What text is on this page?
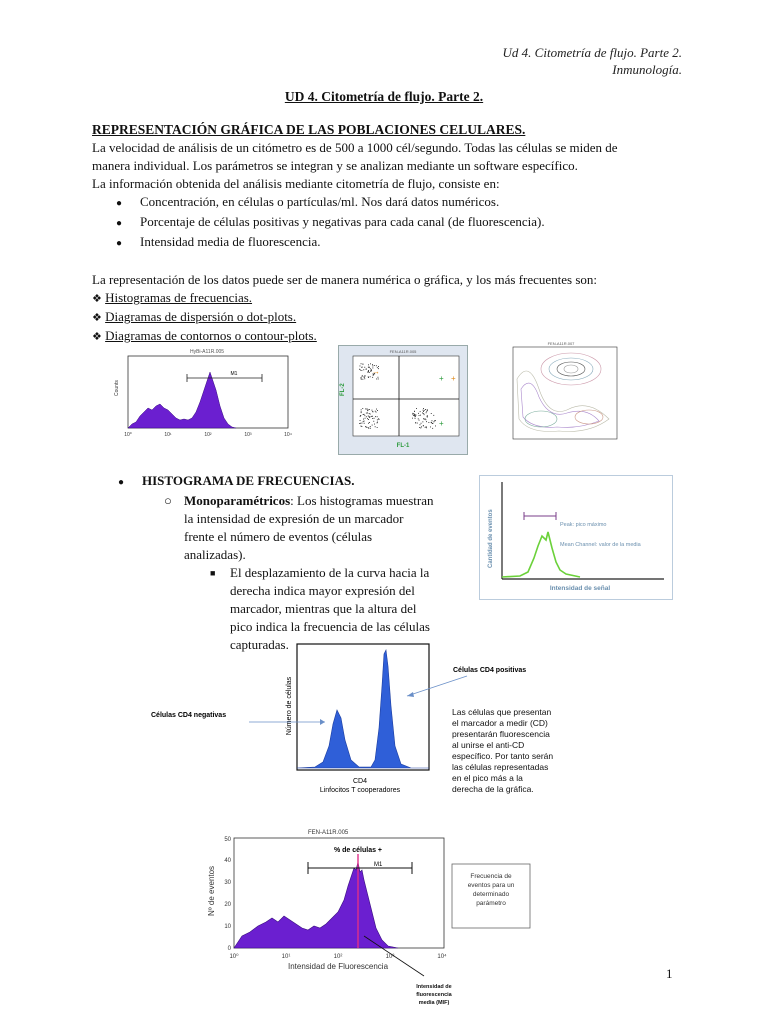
Ud 4. Citometría de flujo. Parte 2.
Inmunología.
UD 4. Citometría de flujo. Parte 2.
REPRESENTACIÓN GRÁFICA DE LAS POBLACIONES CELULARES.
La velocidad de análisis de un citómetro es de 500 a 1000 cél/segundo. Todas las células se miden de
manera individual. Los parámetros se integran y se analizan mediante un software específico.
La información obtenida del análisis mediante citometría de flujo, consiste en:
● Concentración, en células o partículas/ml. Nos dará datos numéricos.
● Porcentaje de células positivas y negativas para cada canal (de fluorescencia).
● Intensidad media de fluorescencia.
La representación de los datos puede ser de manera numérica o gráfica, y los más frecuentes son:
❖ Histogramas de frecuencias.
❖ Diagramas de dispersión o dot-plots.
❖ Diagramas de contornos o contour-plots.
HyBi-A11R.005
Counts
M1
10⁰	10¹	10²	10³	10⁴
FEN-A11R.005
FL-2
FL-1
→
+ +
+
FEN-A11R.007
● HISTOGRAMA DE FRECUENCIAS.
○ Monoparamétricos: Los histogramas muestran
la intensidad de expresión de un marcador
frente el número de eventos (células
analizadas).
■ El desplazamiento de la curva hacia la
derecha indica mayor expresión del
marcador, mientras que la altura del
pico indica la frecuencia de las células
capturadas.
Cantidad de eventos
Intensidad de señal
Peak: pico máximo
Mean Channel: valor de la media
Número de células
CD4
Linfocitos T cooperadores
Células CD4 negativas
Células CD4 positivas
Las células que presentan
el marcador a medir (CD)
presentarán fluorescencia
al unirse el anti-CD
específico. Por tanto serán
las células representadas
en el pico más a la
derecha de la gráfica.
FEN-A11R.005
0
10
20
30
40
50
Nº de eventos
% de células +
M1
10⁰	10¹	10²	10³	10⁴
Intensidad de Fluorescencia
Frecuencia de
eventos para un
determinado
parámetro
Intensidad de
fluorescencia
media (MIF)
1
